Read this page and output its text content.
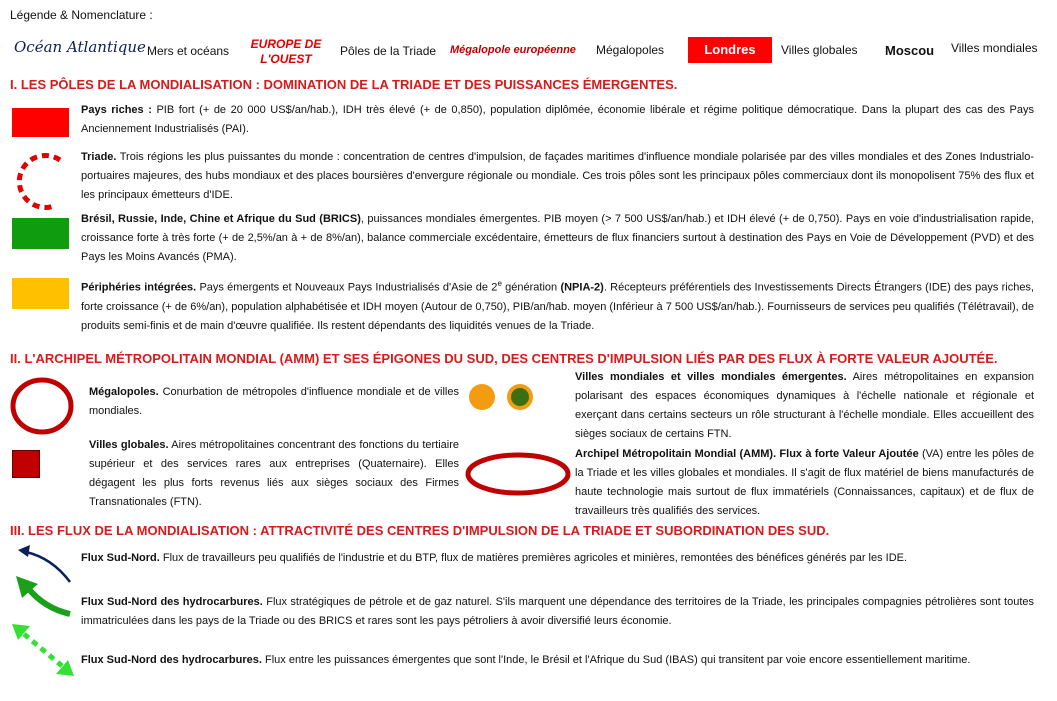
Légende & Nomenclature :
Océan Atlantique Mers et océans	EUROPE DE
L'OUEST
Pôles de la Triade Mégalopole européenne Mégalopoles	Londres	Villes globales Moscou Villes mondiales
I. LES PÔLES DE LA MONDIALISATION : DOMINATION DE LA TRIADE ET DES PUISSANCES ÉMERGENTES.
Pays riches : PIB fort (+ de 20 000 US$/an/hab.), IDH très élevé (+ de 0,850), population diplômée, économie libérale et régime politique démocratique. Dans la plupart des cas des Pays Anciennement Industrialisés (PAI).
Triade. Trois régions les plus puissantes du monde : concentration de centres d'impulsion, de façades maritimes d'influence mondiale polarisée par des villes mondiales et des Zones Industrialo-portuaires majeures, des hubs mondiaux et des places boursières d'envergure régionale ou mondiale. Ces trois pôles sont les principaux pôles commerciaux dont ils monopolisent 75% des flux et les principaux émetteurs d'IDE.
Brésil, Russie, Inde, Chine et Afrique du Sud (BRICS), puissances mondiales émergentes. PIB moyen (> 7 500 US$/an/hab.) et IDH élevé (+ de 0,750). Pays en voie d'industrialisation rapide, croissance forte à très forte (+ de 2,5%/an à + de 8%/an), balance commerciale excédentaire, émetteurs de flux financiers surtout à destination des Pays en Voie de Développement (PVD) et des Pays les Moins Avancés (PMA).
Périphéries intégrées. Pays émergents et Nouveaux Pays Industrialisés d'Asie de 2e génération (NPIA-2). Récepteurs préférentiels des Investissements Directs Étrangers (IDE) des pays riches, forte croissance (+ de 6%/an), population alphabétisée et IDH moyen (Autour de 0,750), PIB/an/hab. moyen (Inférieur à 7 500 US$/an/hab.). Fournisseurs de services peu qualifiés (Télétravail), de produits semi-finis et de main d'œuvre qualifiée. Ils restent dépendants des liquidités venues de la Triade.
II. L'ARCHIPEL MÉTROPOLITAIN MONDIAL (AMM) ET SES ÉPIGONES DU SUD, DES CENTRES D'IMPULSION LIÉS PAR DES FLUX À FORTE VALEUR AJOUTÉE.
Mégalopoles. Conurbation de métropoles d'influence mondiale et de villes mondiales.
Villes globales. Aires métropolitaines concentrant des fonctions du tertiaire supérieur et des services rares aux entreprises (Quaternaire). Elles dégagent les plus forts revenus liés aux sièges sociaux des Firmes Transnationales (FTN).
Villes mondiales et villes mondiales émergentes. Aires métropolitaines en expansion polarisant des espaces économiques dynamiques à l'échelle nationale et régionale et exerçant dans certains secteurs un rôle structurant à l'échelle mondiale. Elles accueillent des sièges sociaux de certains FTN.
Archipel Métropolitain Mondial (AMM). Flux à forte Valeur Ajoutée (VA) entre les pôles de la Triade et les villes globales et mondiales. Il s'agit de flux matériel de biens manufacturés de haute technologie mais surtout de flux immatériels (Connaissances, capitaux) et de flux de travailleurs très qualifiés des services.
III. LES FLUX DE LA MONDIALISATION : ATTRACTIVITÉ DES CENTRES D'IMPULSION DE LA TRIADE ET SUBORDINATION DES SUD.
Flux Sud-Nord. Flux de travailleurs peu qualifiés de l'industrie et du BTP, flux de matières premières agricoles et minières, remontées des bénéfices générés par les IDE.
Flux Sud-Nord des hydrocarbures. Flux stratégiques de pétrole et de gaz naturel. S'ils marquent une dépendance des territoires de la Triade, les principales compagnies pétrolières sont toutes immatriculées dans les pays de la Triade ou des BRICS et rares sont les pays pétroliers à avoir diversifié leurs économie.
Flux Sud-Nord des hydrocarbures. Flux entre les puissances émergentes que sont l'Inde, le Brésil et l'Afrique du Sud (IBAS) qui transitent par voie encore essentiellement maritime.
